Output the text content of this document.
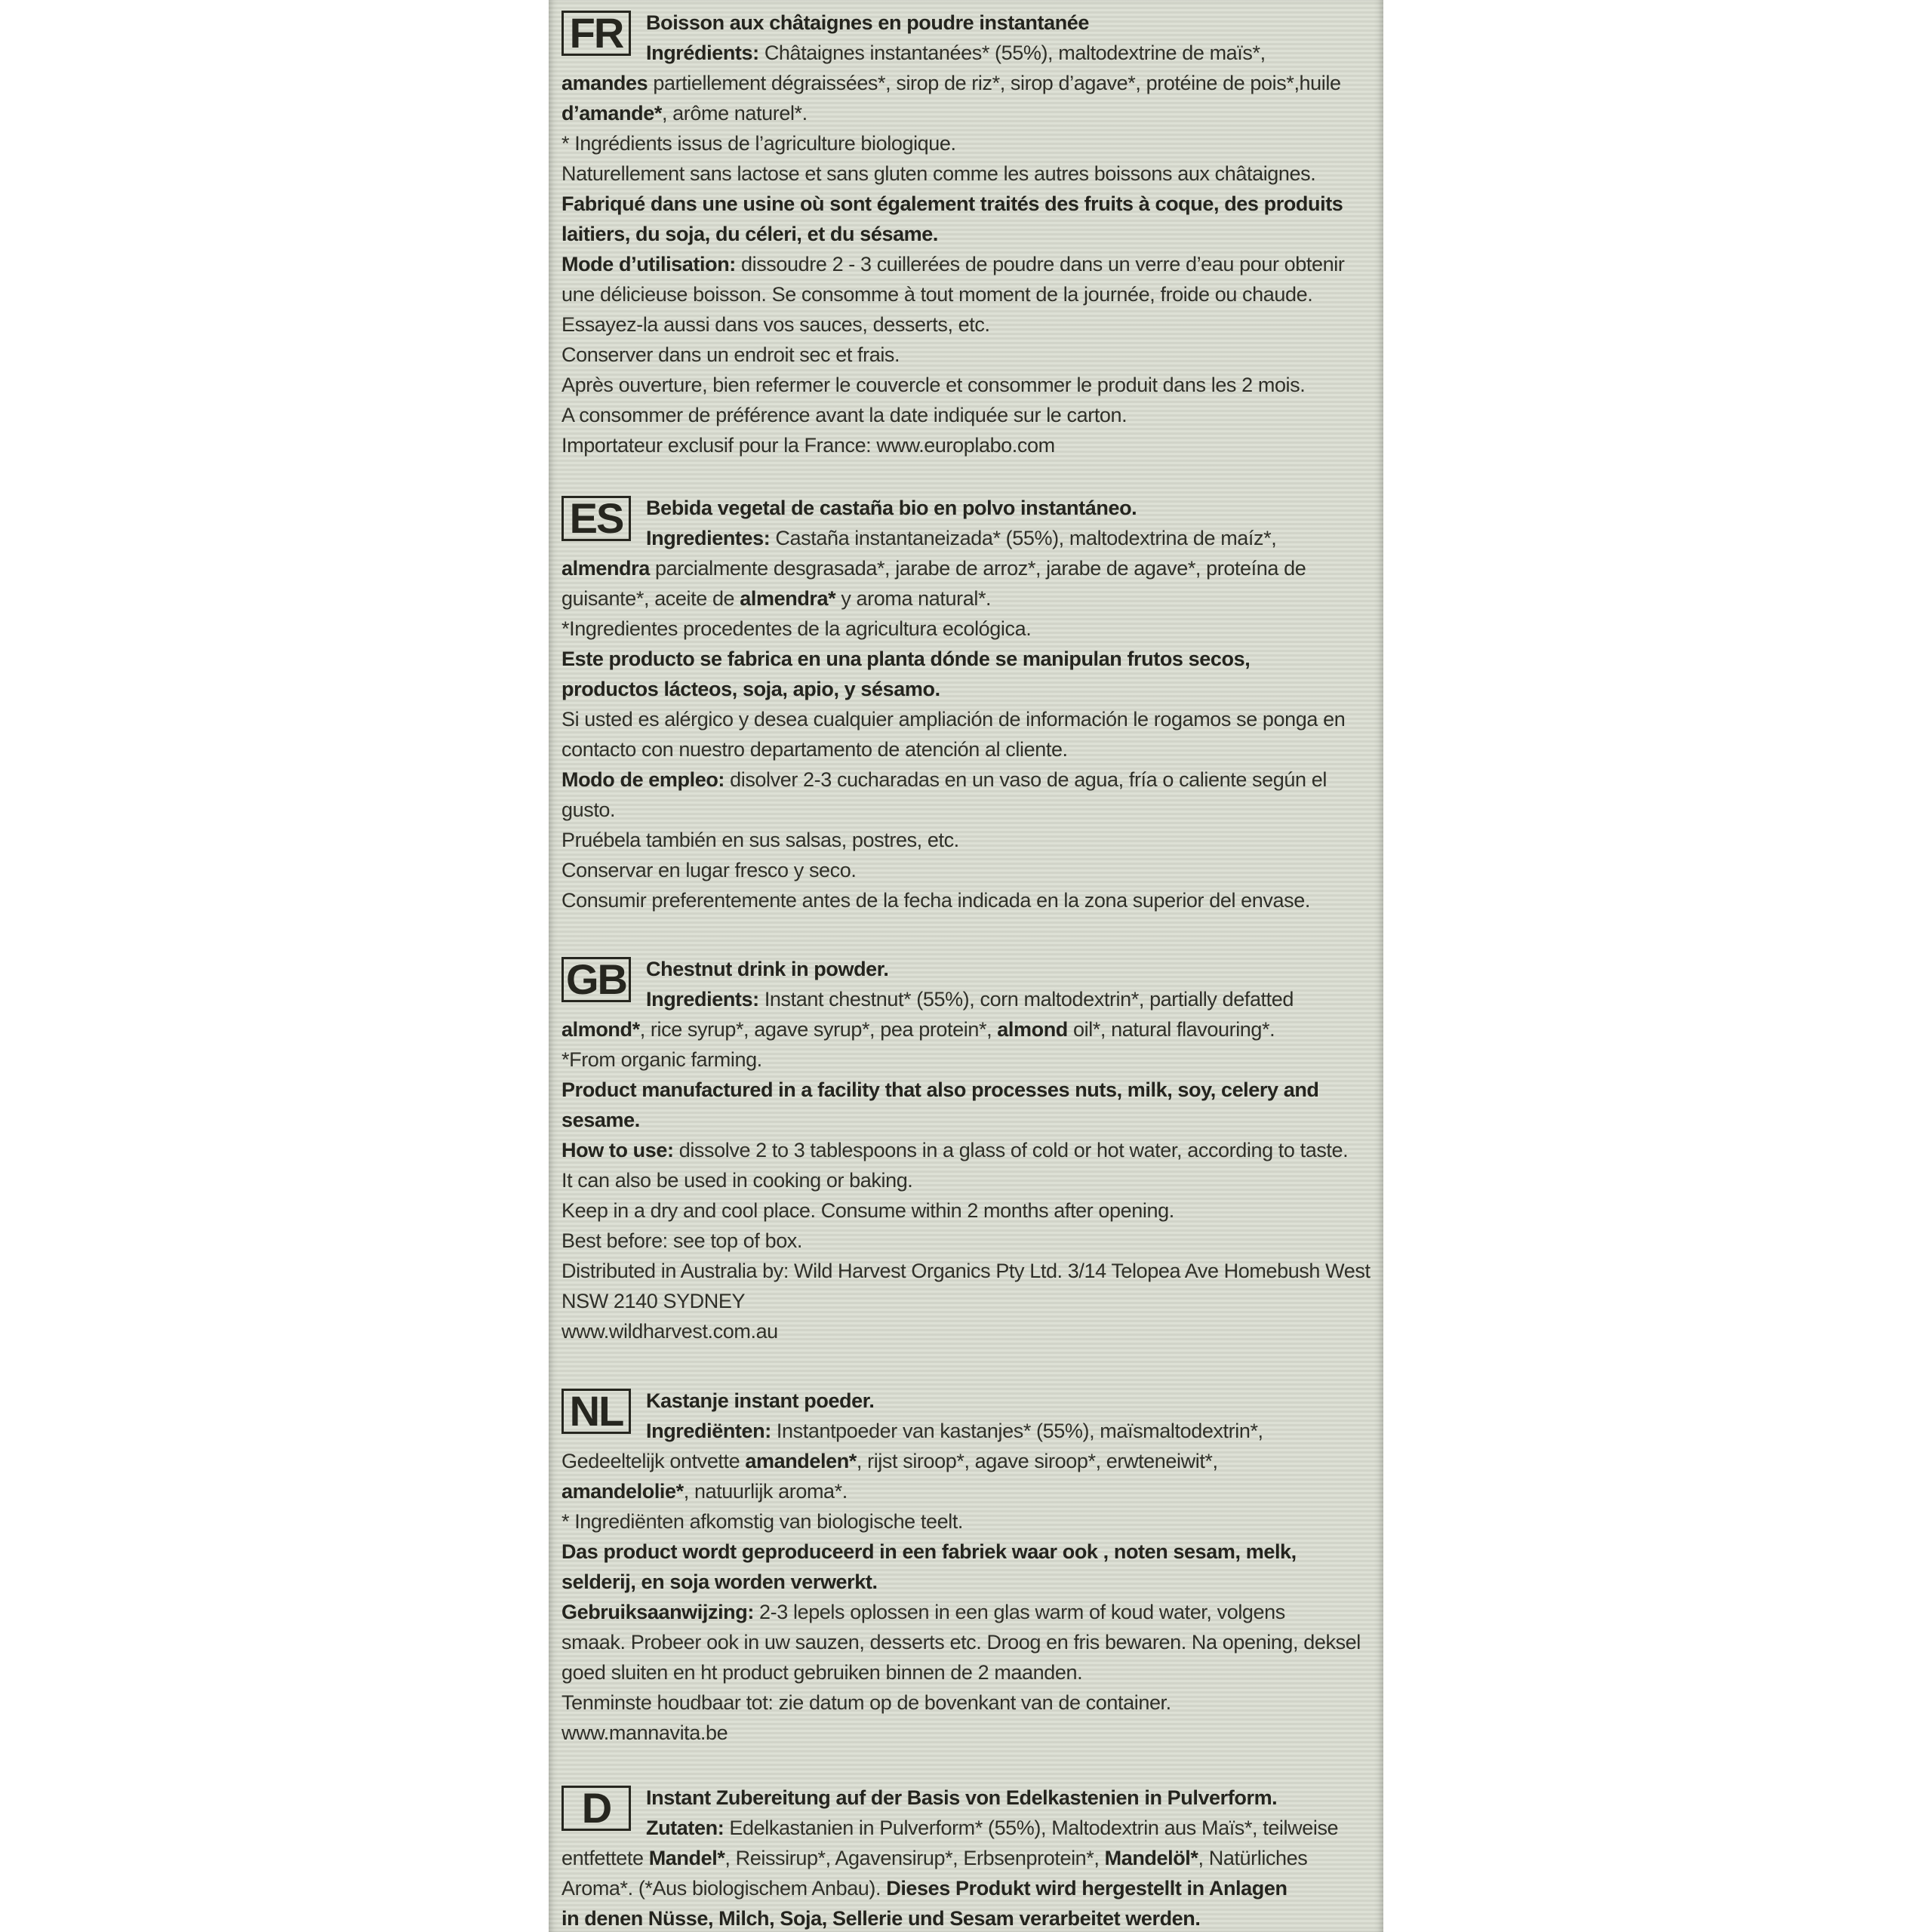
FR	Boisson aux châtaignes en poudre instantanée
Ingrédients: Châtaignes instantanées* (55%), maltodextrine de maïs*,
amandes partiellement dégraissées*, sirop de riz*, sirop d’agave*, protéine de pois*,huile
d’amande*, arôme naturel*.
* Ingrédients issus de l’agriculture biologique.
Naturellement sans lactose et sans gluten comme les autres boissons aux châtaignes.
Fabriqué dans une usine où sont également traités des fruits à coque, des produits
laitiers, du soja, du céleri, et du sésame.
Mode d’utilisation: dissoudre 2 - 3 cuillerées de poudre dans un verre d’eau pour obtenir
une délicieuse boisson. Se consomme à tout moment de la journée, froide ou chaude.
Essayez-la aussi dans vos sauces, desserts, etc.
Conserver dans un endroit sec et frais.
Après ouverture, bien refermer le couvercle et consommer le produit dans les 2 mois.
A consommer de préférence avant la date indiquée sur le carton.
Importateur exclusif pour la France: www.europlabo.com
ES	Bebida vegetal de castaña bio en polvo instantáneo.
Ingredientes: Castaña instantaneizada* (55%), maltodextrina de maíz*,
almendra parcialmente desgrasada*, jarabe de arroz*, jarabe de agave*, proteína de
guisante*, aceite de almendra* y aroma natural*.
*Ingredientes procedentes de la agricultura ecológica.
Este producto se fabrica en una planta dónde se manipulan frutos secos,
productos lácteos, soja, apio, y sésamo.
Si usted es alérgico y desea cualquier ampliación de información le rogamos se ponga en
contacto con nuestro departamento de atención al cliente.
Modo de empleo: disolver 2-3 cucharadas en un vaso de agua, fría o caliente según el
gusto.
Pruébela también en sus salsas, postres, etc.
Conservar en lugar fresco y seco.
Consumir preferentemente antes de la fecha indicada en la zona superior del envase.
GB Chestnut drink in powder.
Ingredients: Instant chestnut* (55%), corn maltodextrin*, partially defatted
almond*, rice syrup*, agave syrup*, pea protein*, almond oil*, natural flavouring*.
*From organic farming.
Product manufactured in a facility that also processes nuts, milk, soy, celery and
sesame.
How to use: dissolve 2 to 3 tablespoons in a glass of cold or hot water, according to taste.
It can also be used in cooking or baking.
Keep in a dry and cool place. Consume within 2 months after opening.
Best before: see top of box.
Distributed in Australia by: Wild Harvest Organics Pty Ltd. 3/14 Telopea Ave Homebush West
NSW 2140 SYDNEY
www.wildharvest.com.au
NL	Kastanje instant poeder.
Ingrediënten: Instantpoeder van kastanjes* (55%), maïsmaltodextrin*,
Gedeeltelijk ontvette amandelen*, rijst siroop*, agave siroop*, erwteneiwit*,
amandelolie*, natuurlijk aroma*.
* Ingrediënten afkomstig van biologische teelt.
Das product wordt geproduceerd in een fabriek waar ook , noten sesam, melk,
selderij, en soja worden verwerkt.
Gebruiksaanwijzing: 2-3 lepels oplossen in een glas warm of koud water, volgens
smaak. Probeer ook in uw sauzen, desserts etc. Droog en fris bewaren. Na opening, deksel
goed sluiten en ht product gebruiken binnen de 2 maanden.
Tenminste houdbaar tot: zie datum op de bovenkant van de container.
www.mannavita.be
D	Instant Zubereitung auf der Basis von Edelkastenien in Pulverform.
Zutaten: Edelkastanien in Pulverform* (55%), Maltodextrin aus Maïs*, teilweise
entfettete Mandel*, Reissirup*, Agavensirup*, Erbsenprotein*, Mandelöl*, Natürliches
Aroma*. (*Aus biologischem Anbau). Dieses Produkt wird hergestellt in Anlagen
in denen Nüsse, Milch, Soja, Sellerie und Sesam verarbeitet werden.
